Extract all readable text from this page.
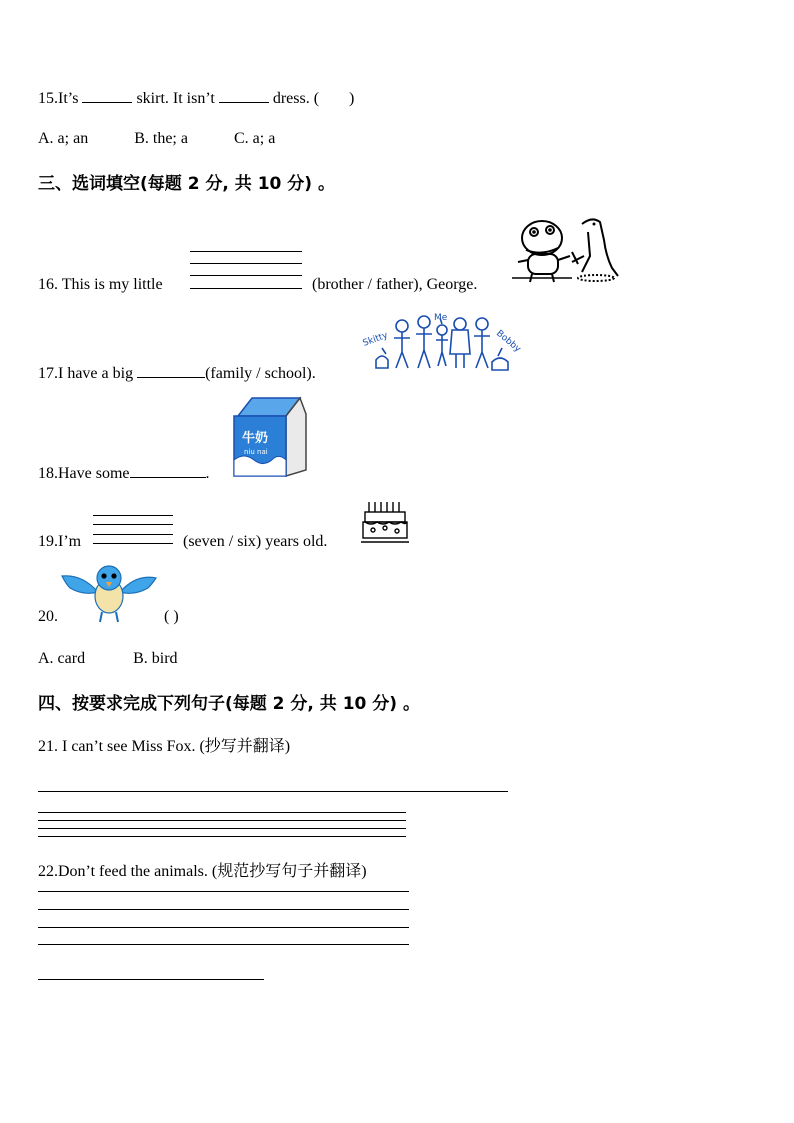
15.It’s	skirt. It isn’t	dress. ( )
A. a; an	B. the; a	C. a; a
三、选词填空(每题 2 分, 共 10 分) 。
16. This is my little	(brother / father), George.
17.I have a big	(family / school).
Skitty
Me
Bobby
18.Have some	.
牛奶
niu nai
19.I’m	(seven / six) years old.
20.	( )
A. card	B. bird
四、按要求完成下列句子(每题 2 分, 共 10 分) 。
21. I can’t see Miss Fox. (抄写并翻译)
22.Don’t feed the animals. (规范抄写句子并翻译)
